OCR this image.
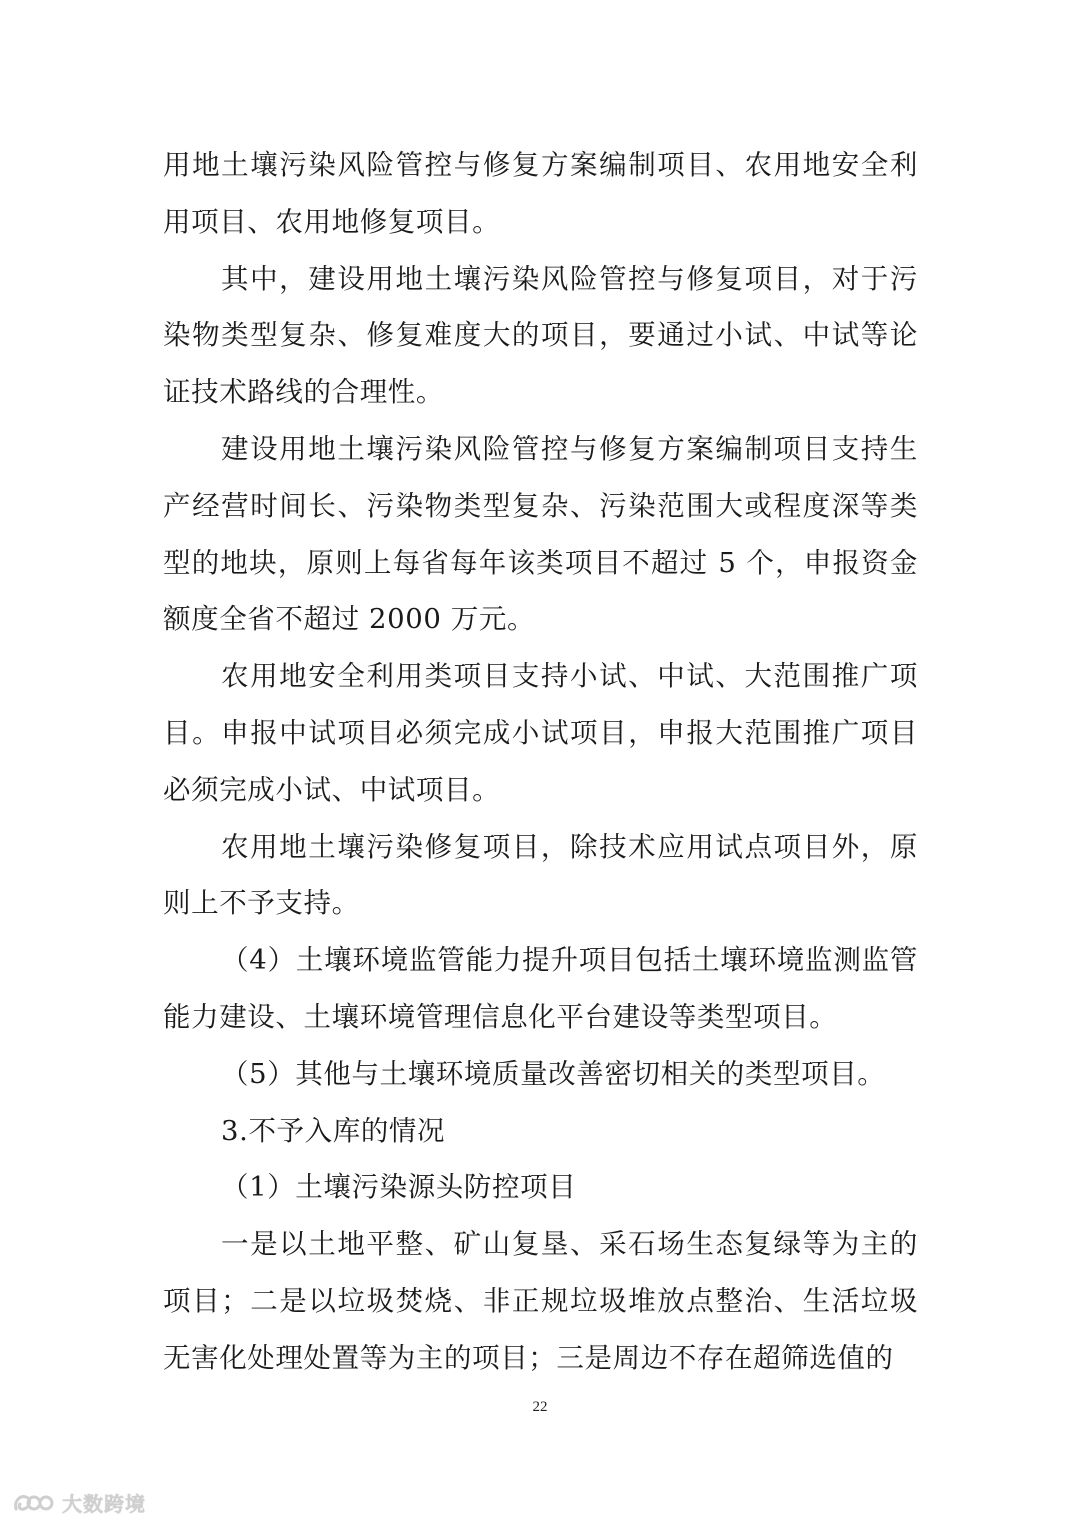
用地土壤污染风险管控与修复方案编制项目、农用地安全利用项目、农用地修复项目。

其中，建设用地土壤污染风险管控与修复项目，对于污染物类型复杂、修复难度大的项目，要通过小试、中试等论证技术路线的合理性。

建设用地土壤污染风险管控与修复方案编制项目支持生产经营时间长、污染物类型复杂、污染范围大或程度深等类型的地块，原则上每省每年该类项目不超过 5 个，申报资金额度全省不超过 2000 万元。

农用地安全利用类项目支持小试、中试、大范围推广项目。申报中试项目必须完成小试项目，申报大范围推广项目必须完成小试、中试项目。

农用地土壤污染修复项目，除技术应用试点项目外，原则上不予支持。

（4）土壤环境监管能力提升项目包括土壤环境监测监管能力建设、土壤环境管理信息化平台建设等类型项目。

（5）其他与土壤环境质量改善密切相关的类型项目。

3.不予入库的情况

（1）土壤污染源头防控项目

一是以土地平整、矿山复垦、采石场生态复绿等为主的项目；二是以垃圾焚烧、非正规垃圾堆放点整治、生活垃圾无害化处理处置等为主的项目；三是周边不存在超筛选值的

22
大数跨境
